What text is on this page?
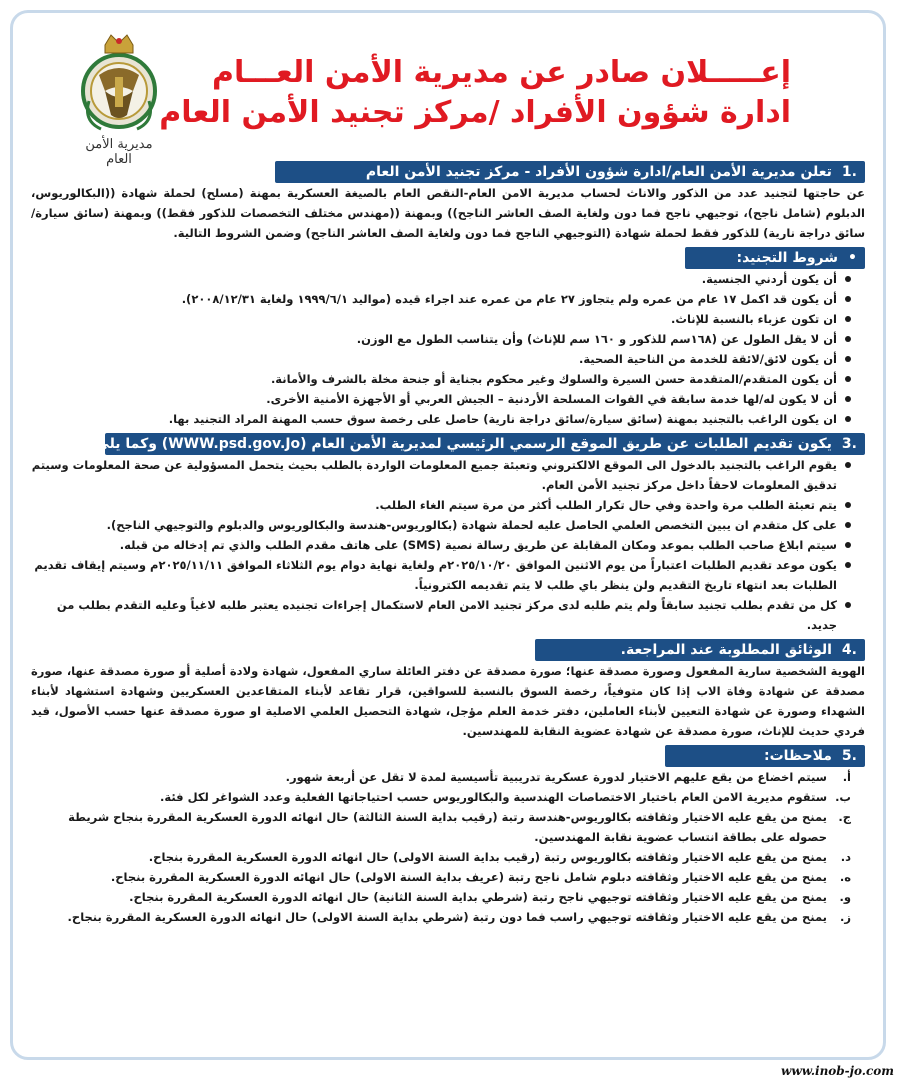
مديرية الأمن العام
إعـــــلان صادر عن مديرية الأمن العـــام
ادارة شؤون الأفراد /مركز تجنيد الأمن العام
.1
تعلن مديرية الأمن العام/ادارة شؤون الأفراد - مركز تجنيد الأمن العام

عن حاجتها لتجنيد عدد من الذكور والاناث لحساب مديرية الامن العام-النقص العام بالصيغة العسكرية بمهنة (مسلح) لحملة شهادة ((البكالوريوس، الدبلوم (شامل ناجح)، توجيهي ناجح فما دون ولغاية الصف العاشر الناجح)) وبمهنة ((مهندس مختلف التخصصات للذكور فقط)) وبمهنة (سائق سيارة/سائق دراجة نارية) للذكور فقط لحملة شهادة (التوجيهي الناجح فما دون ولغاية الصف العاشر الناجح) وضمن الشروط التالية.

•
شروط التجنيد:
أن يكون أردني الجنسية.
أن يكون قد اكمل ١٧ عام من عمره ولم يتجاوز ٢٧ عام من عمره عند اجراء قيده (مواليد ١٩٩٩/٦/١ ولغاية ٢٠٠٨/١٢/٣١).
ان تكون عزباء بالنسبة للإناث.
أن لا يقل الطول عن (١٦٨سم للذكور و ١٦٠ سم للإناث) وأن يتناسب الطول مع الوزن.
أن يكون لائق/لائقة للخدمة من الناحية الصحية.
أن يكون المتقدم/المتقدمة حسن السيرة والسلوك وغير محكوم بجناية أو جنحة مخلة بالشرف والأمانة.
أن لا يكون له/لها خدمة سابقة في القوات المسلحة الأردنية – الجيش العربي أو الأجهزة الأمنية الأخرى.
ان يكون الراغب بالتجنيد بمهنة (سائق سيارة/سائق دراجة نارية) حاصل على رخصة سوق حسب المهنة المراد التجنيد بها.
.3
يكون تقديم الطلبات عن طريق الموقع الرسمي الرئيسي لمديرية الأمن العام (WWW.psd.gov.Jo) وكما يلي:
يقوم الراغب بالتجنيد بالدخول الى الموقع الالكتروني وتعبئة جميع المعلومات الواردة بالطلب بحيث يتحمل المسؤولية عن صحة المعلومات وسيتم تدقيق المعلومات لاحقاً داخل مركز تجنيد الأمن العام.
يتم تعبئة الطلب مرة واحدة وفي حال تكرار الطلب أكثر من مرة سيتم الغاء الطلب.
على كل متقدم ان يبين التخصص العلمي الحاصل عليه لحملة شهادة (بكالوريوس-هندسة والبكالوريوس والدبلوم والتوجيهي الناجح).
سيتم ابلاغ صاحب الطلب بموعد ومكان المقابلة عن طريق رسالة نصية (SMS) على هاتف مقدم الطلب والذي تم إدخاله من قبله.
يكون موعد تقديم الطلبات اعتباراً من يوم الاثنين الموافق ٢٠٢٥/١٠/٢٠م ولغاية نهاية دوام يوم الثلاثاء الموافق ٢٠٢٥/١١/١١م وسيتم إيقاف تقديم الطلبات بعد انتهاء تاريخ التقديم ولن ينظر باي طلب لا يتم تقديمه الكترونياً.
كل من تقدم بطلب تجنيد سابقاً ولم يتم طلبه لدى مركز تجنيد الامن العام لاستكمال إجراءات تجنيده يعتبر طلبه لاغياً وعليه التقدم بطلب من جديد.
.4
الوثائق المطلوبة عند المراجعة.

الهوية الشخصية سارية المفعول وصورة مصدقة عنها؛ صورة مصدقة عن دفتر العائلة ساري المفعول، شهادة ولادة أصلية أو صورة مصدقة عنها، صورة مصدقة عن شهادة وفاة الاب إذا كان متوفياً، رخصة السوق بالنسبة للسواقين، قرار تقاعد لأبناء المتقاعدين العسكريين وشهادة استشهاد لأبناء الشهداء وصورة عن شهادة التعيين لأبناء العاملين، دفتر خدمة العلم مؤجل، شهادة التحصيل العلمي الاصلية او صورة مصدقة عنها حسب الأصول، قيد فردي حديث للإناث، صورة مصدقة عن شهادة عضوية النقابة للمهندسين.

.5
ملاحظات:
أ.
سيتم اخضاع من يقع عليهم الاختيار لدورة عسكرية تدريبية تأسيسية لمدة لا تقل عن أربعة شهور.
ب.
ستقوم مديرية الامن العام باختيار الاختصاصات الهندسية والبكالوريوس حسب احتياجاتها الفعلية وعدد الشواغر لكل فئة.
ج.
يمنح من يقع عليه الاختيار وثقافته بكالوريوس-هندسة رتبة (رقيب بداية السنة الثالثة) حال انهائه الدورة العسكرية المقررة بنجاح شريطة حصوله على بطاقة انتساب عضوية نقابة المهندسين.
د.
يمنح من يقع عليه الاختيار وثقافته بكالوريوس رتبة (رقيب بداية السنة الاولى) حال انهائه الدورة العسكرية المقررة بنجاح.
ه.
يمنح من يقع عليه الاختيار وثقافته دبلوم شامل ناجح رتبة (عريف بداية السنة الاولى) حال انهائه الدورة العسكرية المقررة بنجاح.
و.
يمنح من يقع عليه الاختيار وثقافته توجيهي ناجح رتبة (شرطي بداية السنة الثانية) حال انهائه الدورة العسكرية المقررة بنجاح.
ز.
يمنح من يقع عليه الاختيار وثقافته توجيهي راسب فما دون رتبة (شرطي بداية السنة الاولى) حال انهائه الدورة العسكرية المقررة بنجاح.
www.inob-jo.com
